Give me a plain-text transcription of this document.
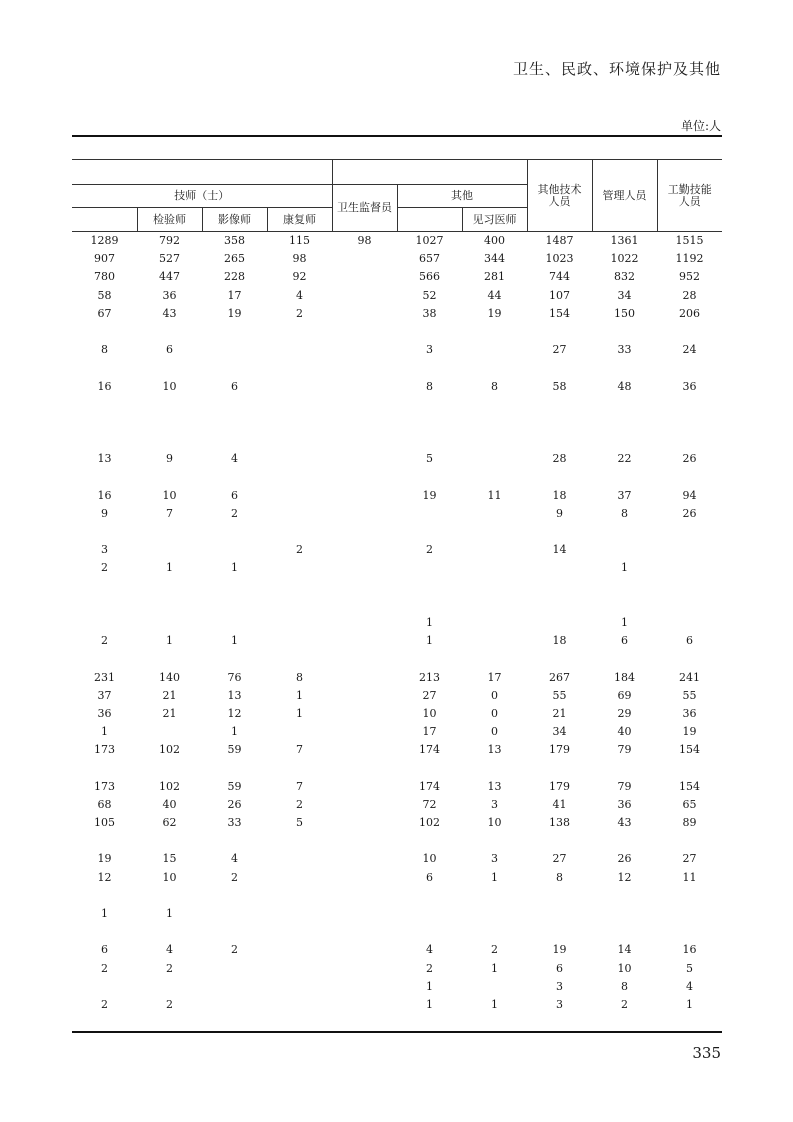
卫生、民政、环境保护及其他
单位:人
							其他技术人员	管理人员	工勤技能人员
技师（士）				卫生监督员	其他				
	检验师	影像师	康复师			见习医师			
1289	792	358	115	98	1027	400	1487	1361	1515
907	527	265	98		657	344	1023	1022	1192
780	447	228	92		566	281	744	832	952
58	36	17	4		52	44	107	34	28
67	43	19	2		38	19	154	150	206

8	6				3		27	33	24

16	10	6			8	8	58	48	36

13	9	4			5		28	22	26

16	10	6			19	11	18	37	94
9	7	2					9	8	26

3			2		2		14		
2	1	1						1	

					1			1	
2	1	1			1		18	6	6

231	140	76	8		213	17	267	184	241
37	21	13	1		27	0	55	69	55
36	21	12	1		10	0	21	29	36
1		1			17	0	34	40	19
173	102	59	7		174	13	179	79	154

173	102	59	7		174	13	179	79	154
68	40	26	2		72	3	41	36	65
105	62	33	5		102	10	138	43	89

19	15	4			10	3	27	26	27
12	10	2			6	1	8	12	11

1	1								

6	4	2			4	2	19	14	16
2	2				2	1	6	10	5
					1		3	8	4
2	2				1	1	3	2	1
335
